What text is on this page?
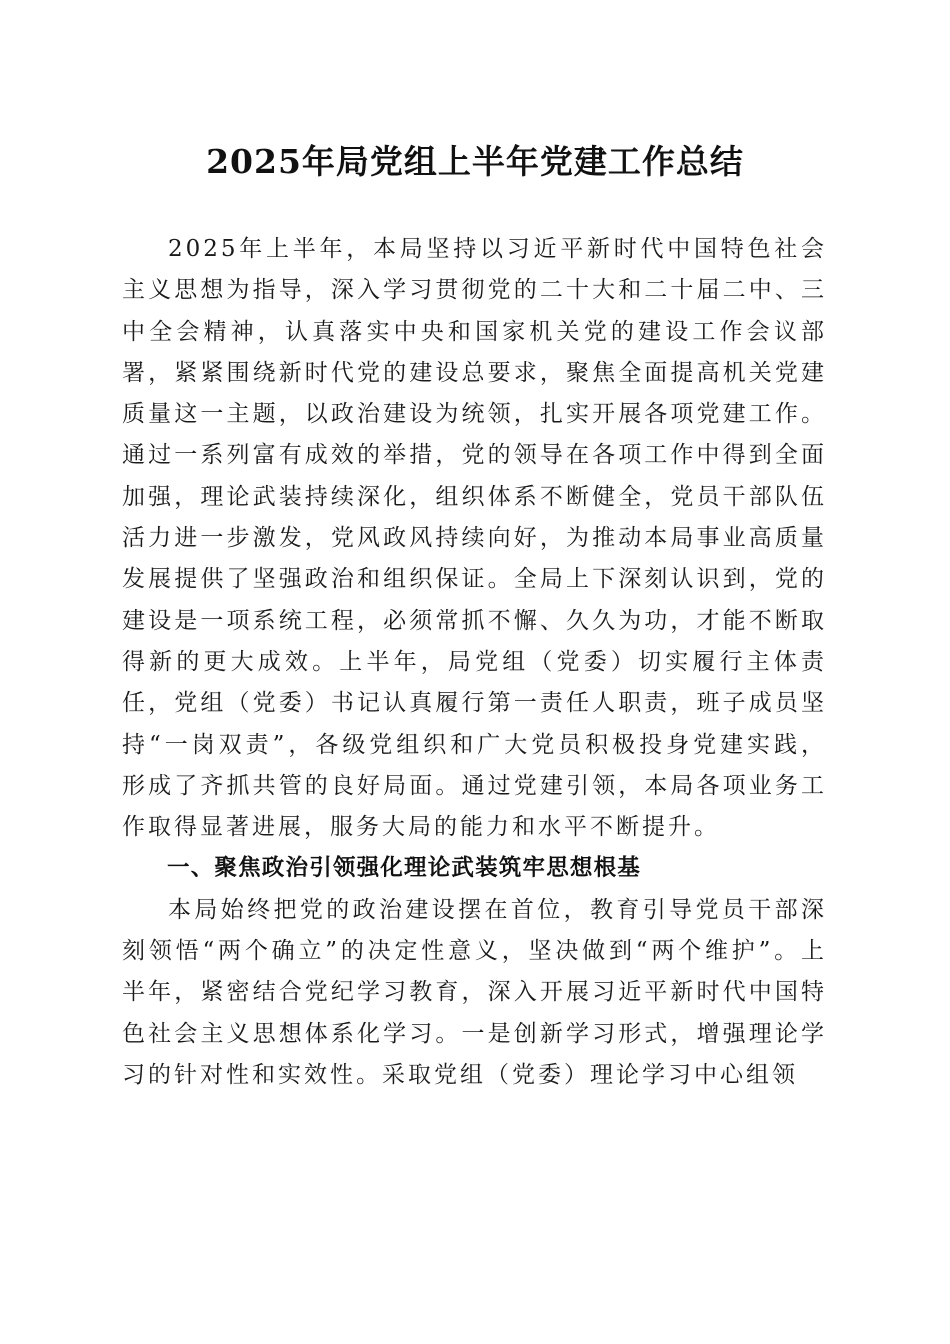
2025年局党组上半年党建工作总结

2025年上半年，本局坚持以习近平新时代中国特色社会主义思想为指导，深入学习贯彻党的二十大和二十届二中、三中全会精神，认真落实中央和国家机关党的建设工作会议部署，紧紧围绕新时代党的建设总要求，聚焦全面提高机关党建质量这一主题，以政治建设为统领，扎实开展各项党建工作。通过一系列富有成效的举措，党的领导在各项工作中得到全面加强，理论武装持续深化，组织体系不断健全，党员干部队伍活力进一步激发，党风政风持续向好，为推动本局事业高质量发展提供了坚强政治和组织保证。全局上下深刻认识到，党的建设是一项系统工程，必须常抓不懈、久久为功，才能不断取得新的更大成效。上半年，局党组（党委）切实履行主体责任，党组（党委）书记认真履行第一责任人职责，班子成员坚持“一岗双责”，各级党组织和广大党员积极投身党建实践，形成了齐抓共管的良好局面。通过党建引领，本局各项业务工作取得显著进展，服务大局的能力和水平不断提升。

一、聚焦政治引领强化理论武装筑牢思想根基

本局始终把党的政治建设摆在首位，教育引导党员干部深刻领悟“两个确立”的决定性意义，坚决做到“两个维护”。上半年，紧密结合党纪学习教育，深入开展习近平新时代中国特色社会主义思想体系化学习。一是创新学习形式，增强理论学习的针对性和实效性。采取党组（党委）理论学习中心组领
